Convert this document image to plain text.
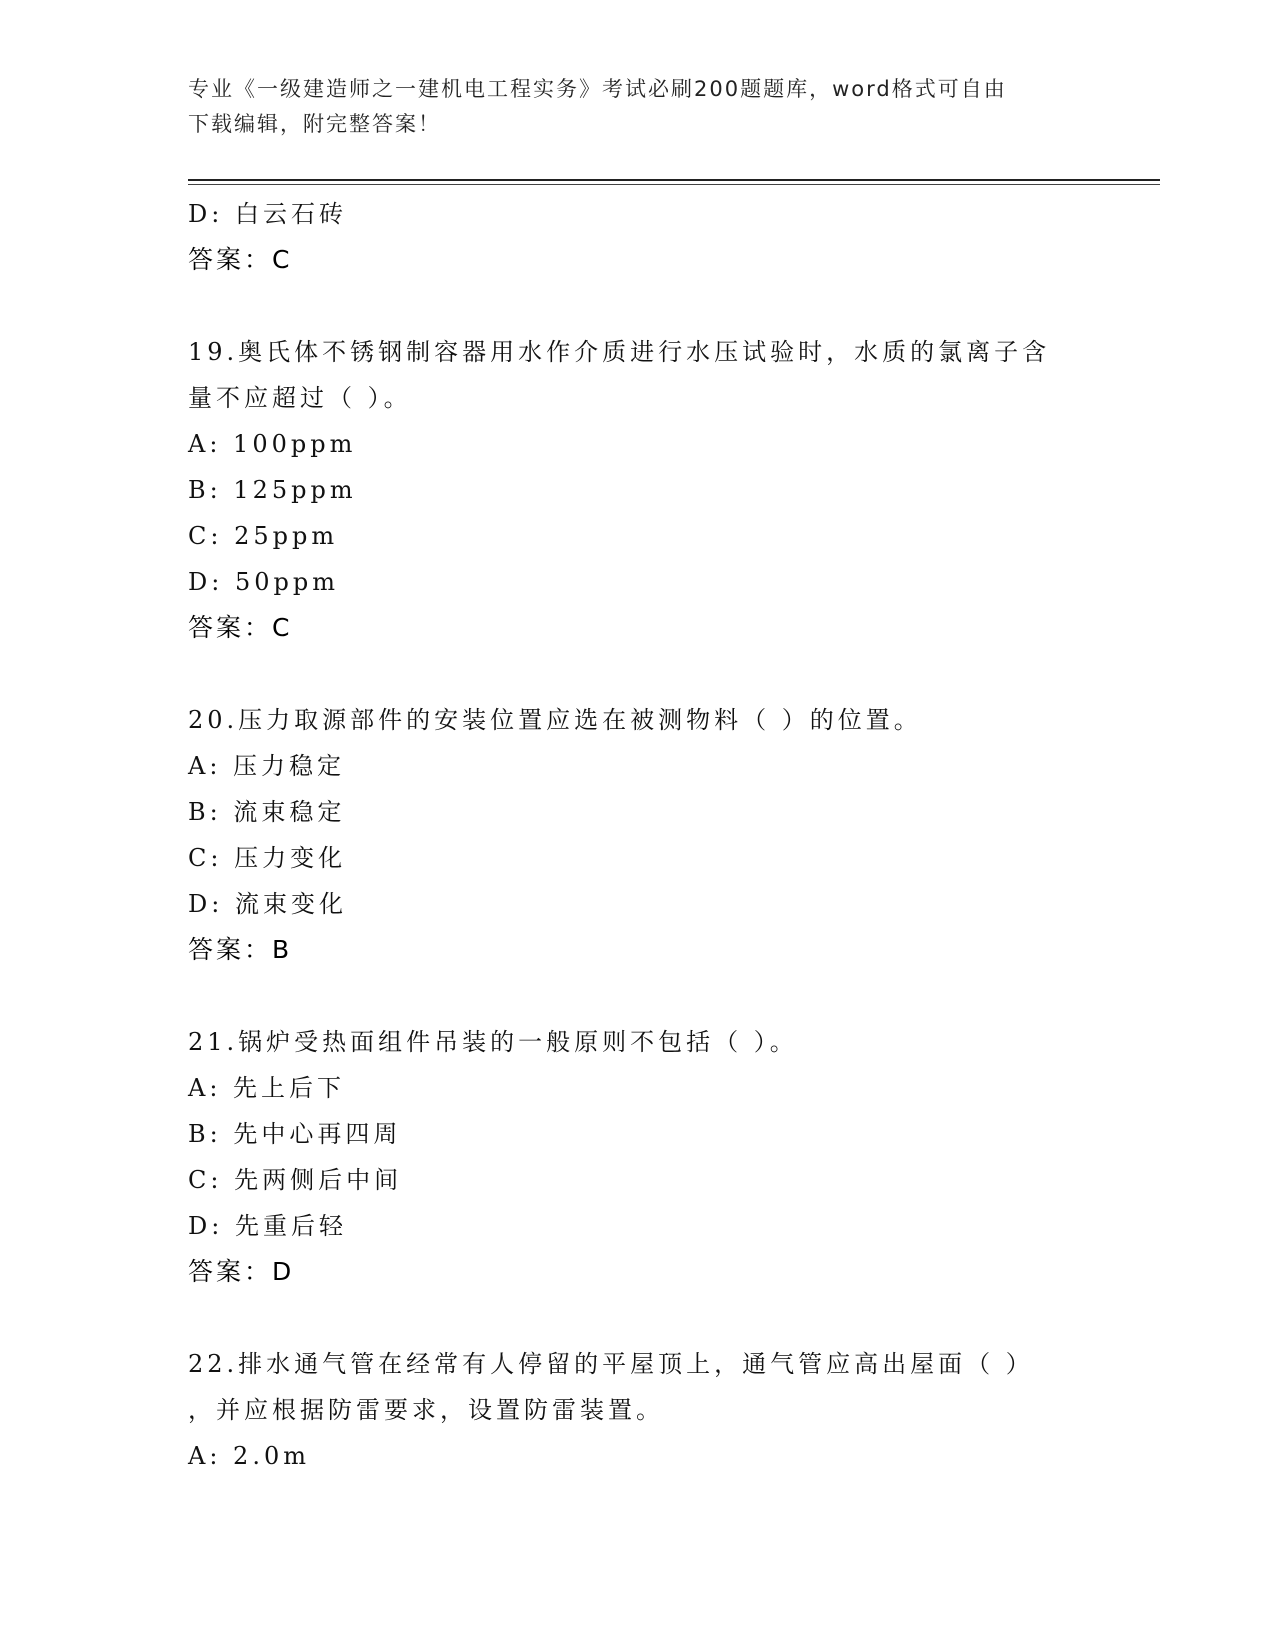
专业《一级建造师之一建机电工程实务》考试必刷200题题库，word格式可自由
下载编辑，附完整答案！
D: 白云石砖
答案：C
19.奥氏体不锈钢制容器用水作介质进行水压试验时，水质的氯离子含
量不应超过（ ）。
A: 100ppm
B: 125ppm
C: 25ppm
D: 50ppm
答案：C
20.压力取源部件的安装位置应选在被测物料（ ）的位置。
A: 压力稳定
B: 流束稳定
C: 压力变化
D: 流束变化
答案：B
21.锅炉受热面组件吊装的一般原则不包括（ ）。
A: 先上后下
B: 先中心再四周
C: 先两侧后中间
D: 先重后轻
答案：D
22.排水通气管在经常有人停留的平屋顶上，通气管应高出屋面（ ）
，并应根据防雷要求，设置防雷装置。
A: 2.0m
